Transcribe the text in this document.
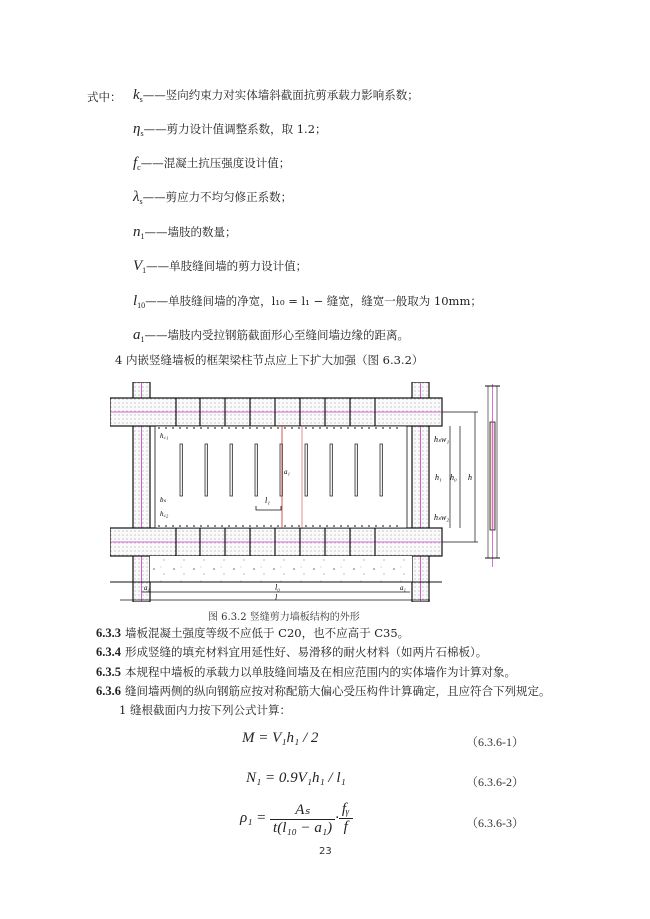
式中： $k_s——$竖向约束力对实体墙斜截面抗剪承载力影响系数；
$\eta_s——$剪力设计值调整系数，取 1.2；
$f_c——$混凝土抗压强度设计值；
$\lambda_s——$剪应力不均匀修正系数；
$n_1——$墙肢的数量；
$V_1——$单肢缝间墙的剪力设计值；
$l_{10}——$单肢缝间墙的净宽，l₁₀ = l₁ − 缝宽，缝宽一般取为 10mm；
$a_1——$墙肢内受拉钢筋截面形心至缝间墙边缘的距离。
4 内嵌竖缝墙板的框架梁柱节点应上下扩大加强（图 6.3.2）
a₁
l₁
l₀
l
a₁	a₁
h꜀₁
h꜀₂
bₛ
hₛw₁
h₁ h₀ h
hₛw₂
图 6.3.2 竖缝剪力墙板结构的外形
6.3.3 墙板混凝土强度等级不应低于 C20，也不应高于 C35。
6.3.4 形成竖缝的填充材料宜用延性好、易滑移的耐火材料（如两片石棉板）。
6.3.5 本规程中墙板的承载力以单肢缝间墙及在相应范围内的实体墙作为计算对象。
6.3.6 缝间墙两侧的纵向钢筋应按对称配筋大偏心受压构件计算确定，且应符合下列规定。
1 缝根截面内力按下列公式计算：
M = V₁h₁ / 2	（6.3.6-1）
N₁ = 0.9V₁h₁ / l₁	（6.3.6-2）
$\rho_1 = \frac{\text{Aₛ}}{\text{t(l₁₀ − a₁)}} \cdot \frac{\text{fᵧ}}{f}$	（6.3.6-3）
23
